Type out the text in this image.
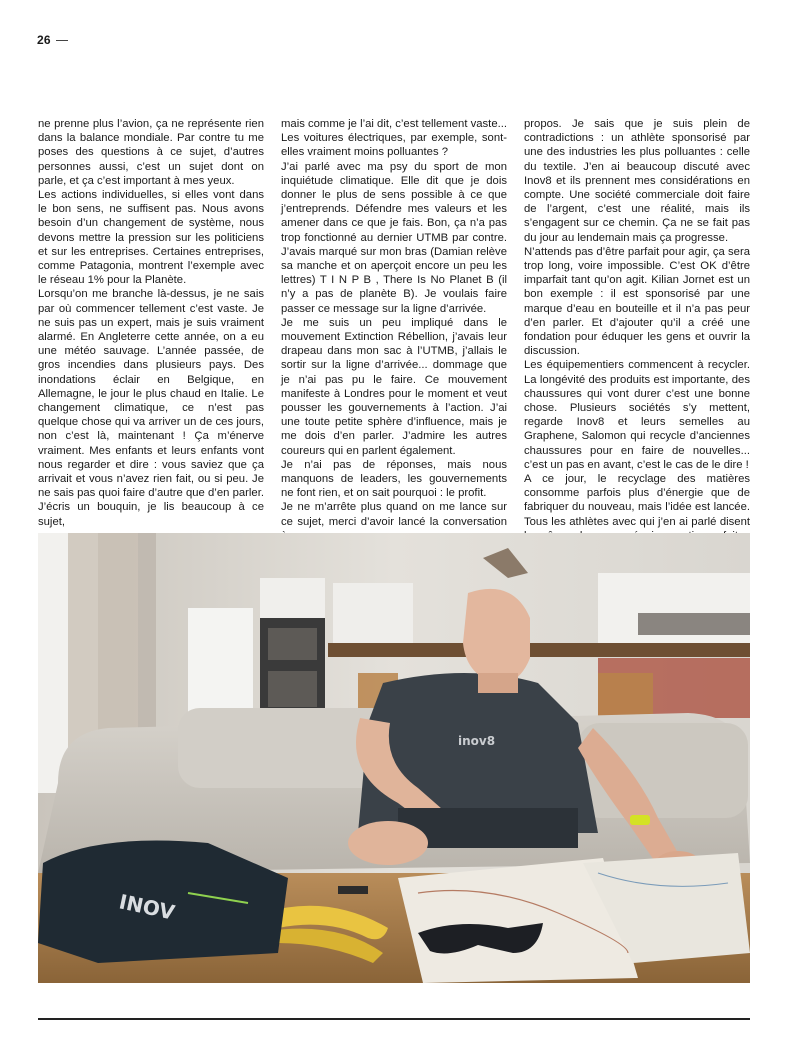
26

ne prenne plus l’avion, ça ne représente rien dans la balance mondiale. Par contre tu me poses des questions à ce sujet, d’autres personnes aussi, c’est un sujet dont on parle, et ça c’est important à mes yeux.

Les actions individuelles, si elles vont dans le bon sens, ne suffisent pas. Nous avons besoin d’un changement de système, nous devons mettre la pression sur les politiciens et sur les entreprises. Certaines entreprises, comme Patagonia, montrent l’exemple avec le réseau 1% pour la Planète.

Lorsqu’on me branche là-dessus, je ne sais par où commencer tellement c’est vaste. Je ne suis pas un expert, mais je suis vraiment alarmé. En Angleterre cette année, on a eu une météo sauvage. L’année passée, de gros incendies dans plusieurs pays. Des inondations éclair en Belgique, en Allemagne, le jour le plus chaud en Italie. Le changement climatique, ce n’est pas quelque chose qui va arriver un de ces jours, non c’est là, maintenant ! Ça m’énerve vraiment. Mes enfants et leurs enfants vont nous regarder et dire : vous saviez que ça arrivait et vous n’avez rien fait, ou si peu. Je ne sais pas quoi faire d’autre que d’en parler. J’écris un bouquin, je lis beaucoup à ce sujet,

mais comme je l’ai dit, c’est tellement vaste... Les voitures électriques, par exemple, sont-elles vraiment moins polluantes ?

J’ai parlé avec ma psy du sport de mon inquiétude climatique. Elle dit que je dois donner le plus de sens possible à ce que j’entreprends. Défendre mes valeurs et les amener dans ce que je fais. Bon, ça n’a pas trop fonctionné au dernier UTMB par contre. J’avais marqué sur mon bras (Damian relève sa manche et on aperçoit encore un peu les lettres) T I N P B , There Is No Planet B (il n’y a pas de planète B). Je voulais faire passer ce message sur la ligne d’arrivée.

Je me suis un peu impliqué dans le mouvement Extinction Rébellion, j’avais leur drapeau dans mon sac à l’UTMB, j’allais le sortir sur la ligne d’arrivée... dommage que je n’ai pas pu le faire. Ce mouvement manifeste à Londres pour le moment et veut pousser les gouvernements à l’action. J’ai une toute petite sphère d’influence, mais je me dois d’en parler. J’admire les autres coureurs qui en parlent également.

Je n’ai pas de réponses, mais nous manquons de leaders, les gouvernements ne font rien, et on sait pourquoi : le profit.

Je ne m’arrête plus quand on me lance sur ce sujet, merci d’avoir lancé la conversation

propos. Je sais que je suis plein de contradictions : un athlète sponsorisé par une des industries les plus polluantes : celle du textile. J’en ai beaucoup discuté avec Inov8 et ils prennent mes considérations en compte. Une société commerciale doit faire de l’argent, c’est une réalité, mais ils s’engagent sur ce chemin. Ça ne se fait pas du jour au lendemain mais ça progresse.

N’attends pas d’être parfait pour agir, ça sera trop long, voire impossible. C’est OK d’être imparfait tant qu’on agit. Kilian Jornet est un bon exemple : il est sponsorisé par une marque d’eau en bouteille et il n’a pas peur d’en parler. Et d’ajouter qu’il a créé une fondation pour éduquer les gens et ouvrir la discussion.

Les équipementiers commencent à recycler. La longévité des produits est importante, des chaussures qui vont durer c’est une bonne chose. Plusieurs sociétés s’y mettent, regarde Inov8 et leurs semelles au Graphene, Salomon qui recycle d’anciennes chaussures pour en faire de nouvelles... c’est un pas en avant, c’est le cas de le dire !

A ce jour, le recyclage des matières consomme parfois plus d’énergie que de fabriquer du nouveau, mais l’idée est lancée. Tous les athlètes avec qui j’en ai parlé disent

inov8
INOV
